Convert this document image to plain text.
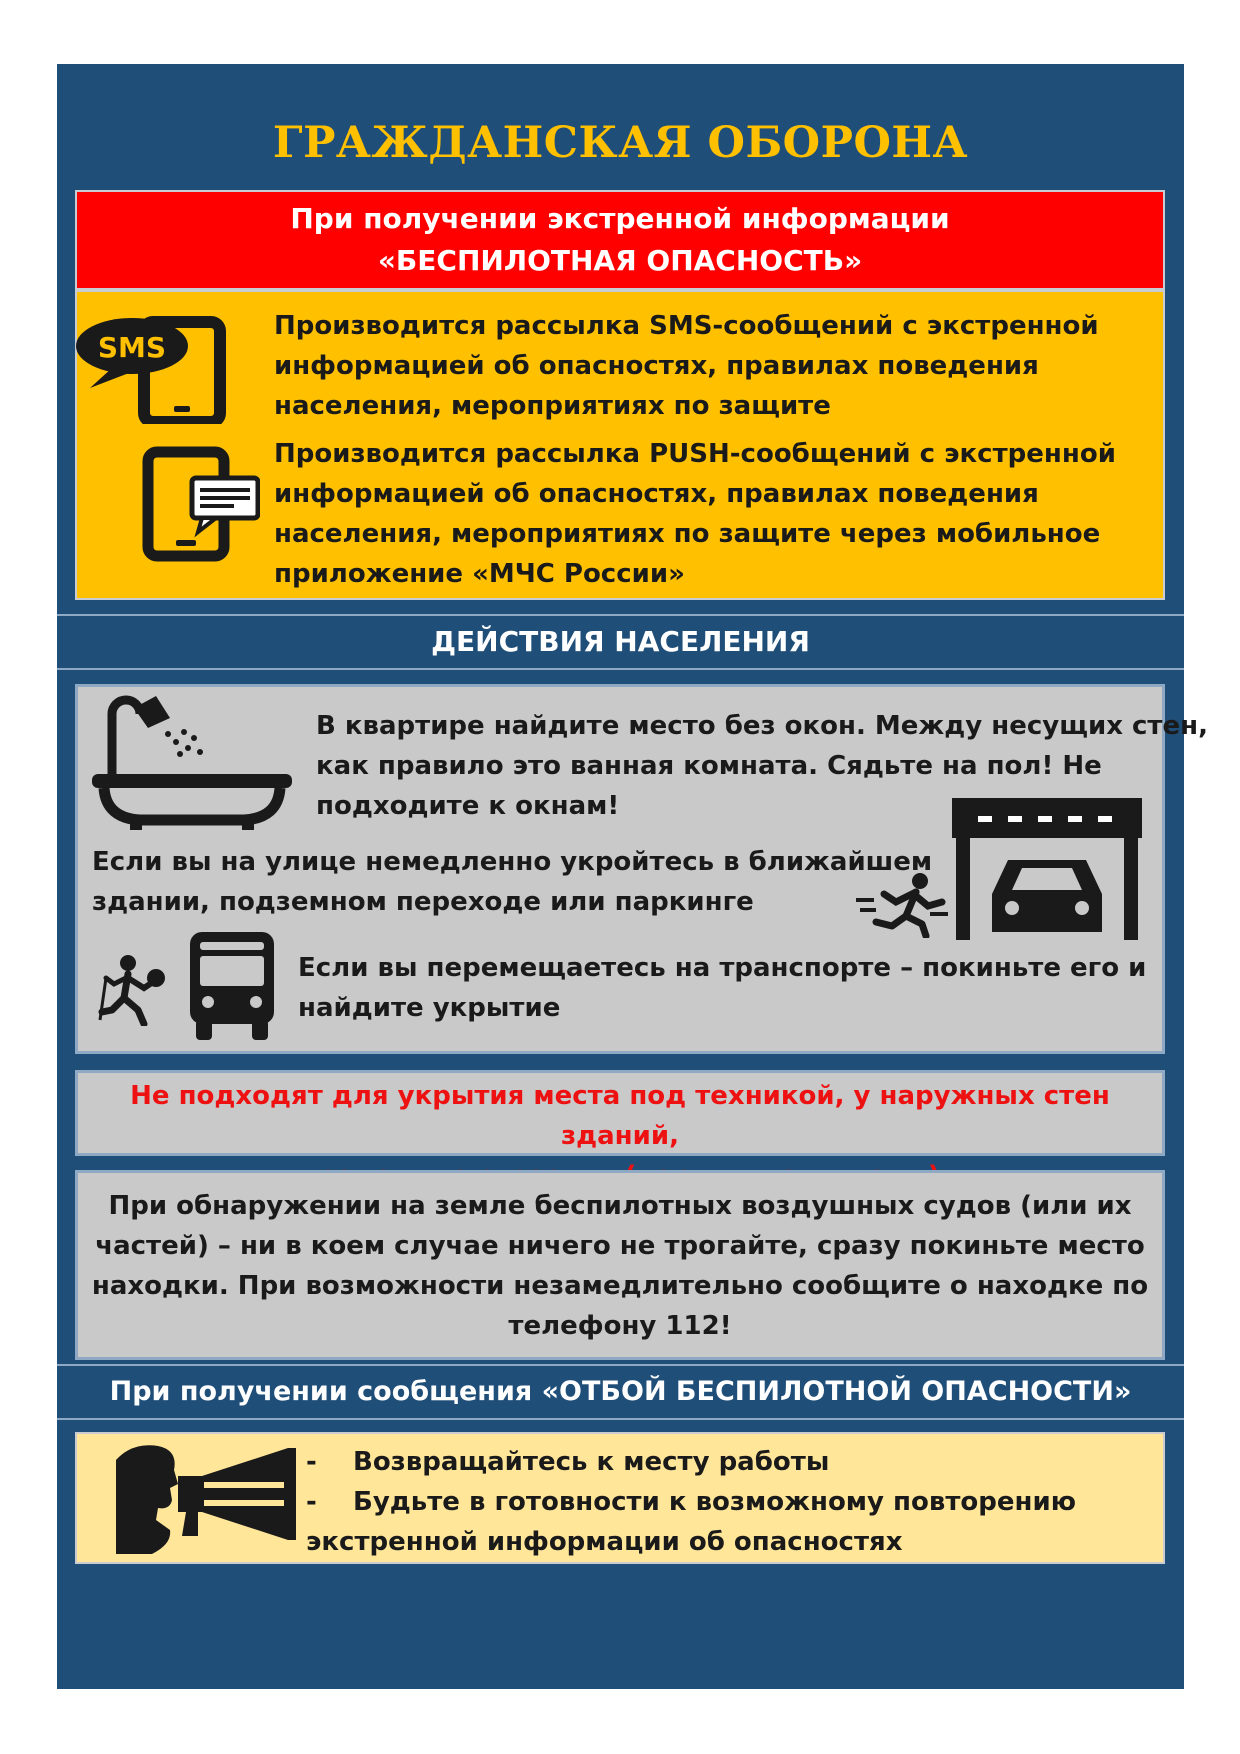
ГРАЖДАНСКАЯ ОБОРОНА
При получении экстренной информации
«БЕСПИЛОТНАЯ ОПАСНОСТЬ»
SMS
Производится рассылка SMS-сообщений с экстренной
информацией об опасностях, правилах поведения
населения, мероприятиях по защите
Производится рассылка PUSH-сообщений с экстренной
информацией об опасностях, правилах поведения
населения, мероприятиях по защите через мобильное
приложение «МЧС России»
ДЕЙСТВИЯ НАСЕЛЕНИЯ
В квартире найдите место без окон. Между несущих стен,
как правило это ванная комната. Сядьте на пол! Не
подходите к окнам!
Если вы на улице немедленно укройтесь в ближайшем
здании, подземном переходе или паркинге
Если вы перемещаетесь на транспорте – покиньте его и
найдите укрытие
Не подходят для укрытия места под техникой, у наружных стен зданий,
При обнаружении на земле беспилотных воздушных судов (или их
частей) – ни в коем случае ничего не трогайте, сразу покиньте место
находки. При возможности незамедлительно сообщите о находке по
телефону 112!
При получении сообщения «ОТБОЙ БЕСПИЛОТНОЙ ОПАСНОСТИ»
-    Возвращайтесь к месту работы
-    Будьте в готовности к возможному повторению
экстренной информации об опасностях
